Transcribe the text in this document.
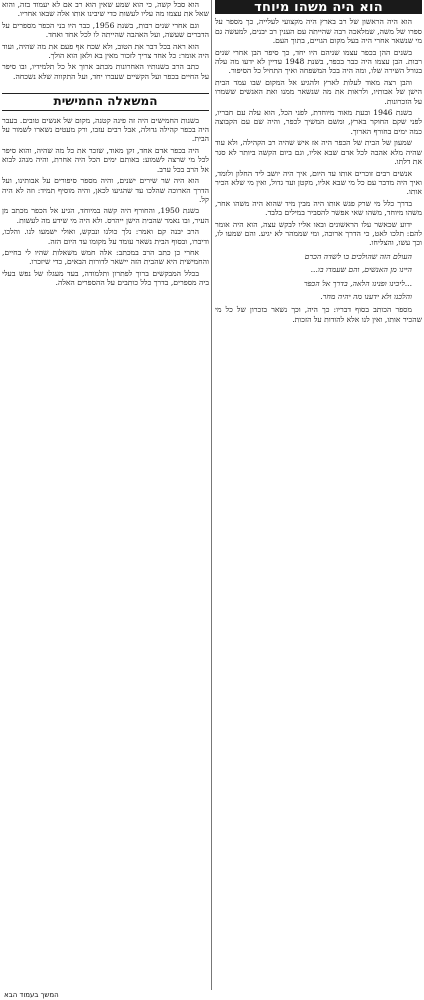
הוא היה משהו מיוחד

הוא היה הראשון של רב בארץ היה מקצועי לעלייה, כך מספר על ספרו של משה, שמלאכה רבה שהייתה עם הענין רב יבנים, למעשה גם מי שנשאר אחרי היה בעל מקום הגויים, בתוך העם.

בשנים ההן בכפר עצמו שניהם היו יחד, כך סיפר הבן אחרי שנים רבות. הבן עצמו היה כבר בכפר, בשנת 1948 עדיין לא ידעו מה עלה בגורל השירה שלו, ומה היה בכל המשפחה ואיך התחיל כל הסיפור.

והבן רצה מאוד לעלות לארץ ולהגיע אל המקום שבו עמד הבית הישן של אבותיו, ולראות את מה שנשאר ממנו ואת האנשים ששמרו על הזכרונות.

בשנת 1946 ובעת מאוד מיוחדת, לפני הכל, הוא עלה עם חבריו, לפני שקם החוקר בארץ, ומשם המשיך לכפר, והיה שם עם הקבוצה כמה ימים בחורף הארוך.

שמעון של הבית של הכפר היה אז איש שהיה רב הקהילה, ולא עוד שהיה מלא אהבה לכל אדם שבא אליו, וגם ביום הקשה ביותר לא סגר את דלתו.

אנשים רבים זוכרים אותו עד היום, איך היה יושב ליד החלון ולומד, ואיך היה מדבר עם כל מי שבא אליו, מקטן ועד גדול, ואין מי שלא הכיר אותו.

בדרך כלל מי שרק פגש אותו היה מבין מיד שהוא היה משהו אחר, משהו מיוחד, משהו שאי אפשר להסביר במילים בלבד.

ידוע שכאשר עלו הראשונים ובאו אליו לבקש עצה, הוא היה אומר להם: תלכו לאט, כי הדרך ארוכה, ומי שממהר לא יגיע. והם שמעו לו, וכך עשו, והצליחו.

העולם הזה שהולכים בו לשדה הכרם

היינו מן האנשים, והם שעמדו בו...

...ליבינו ופנינו הלאה, בדרך אל הכפר

והלכנו ולא ידענו מה יהיה מחר.

מספר הכותב בסוף דבריו: כך היה, וכך נשאר בזכרון של כל מי שהכיר אותו, ואין לנו אלא להודות על הזכות.

הוא סבל קשה, כי הוא שמע שאין הוא רב אם לא יעמוד בזה, והוא שאל את עצמו מה עליו לעשות כדי שיבינו אותו אלה שבאו אחריו.

וגם אחרי שנים רבות, בשנת 1956, כבר היו בני הכפר מספרים על הדברים שעשה, ועל האהבה שהייתה לו לכל אחד ואחד.

הוא ראה בכל דבר את הטוב, ולא שכח אף פעם את מה שהיה, ועוד היה אומר: כל אחד צריך לזכור מאין בא ולאן הוא הולך.

כתב הרב בשנותיו האחרונות מכתב ארוך אל כל תלמידיו, ובו סיפר על החיים בכפר ועל הקשיים שעברו יחד, ועל התקווה שלא נשכחה.

המשאלה החמישית

בשנות החמישים היה זה פינה קטנה, מקום של אנשים טובים. בעבר היה בכפר קהילה גדולה, אבל רבים עזבו, ורק מעטים נשארו לשמור על הבית.

היה בכפר אדם אחד, זקן מאוד, שזכר את כל מה שהיה, והוא סיפר לכל מי שרצה לשמוע: באותם ימים הכל היה אחרת, והיה מנהג לבוא אל הרב בכל ערב.

הוא היה שר שירים ישנים, והיה מספר סיפורים על אבותינו, ועל הדרך הארוכה שהלכו עד שהגיעו לכאן, והיה מוסיף תמיד: וזה לא היה קל.

בשנת 1950, והחורף היה קשה במיוחד, הגיע אל הכפר מכתב מן העיר, ובו נאמר שהבית הישן ייהרס. ולא היה מי שידע מה לעשות.

הרב יבנה קם ואמר: נלך כולנו ונבקש, ואולי ישמעו לנו. והלכו, ודיברו, ובסוף הבית נשאר עומד על מקומו עד היום הזה.

אחרי כן כתב הרב במכתב: אלה חמש משאלות שהיו לי בחיים, והחמישית היא שהבית הזה יישאר לדורות הבאים, כדי שיזכרו.

בכלל המבקשים ברוך לפתרון ותלמודה, בעד מעגלו של נפש בעלי ביה מספרים, בדרך כלל כותבים על ההספרים האלה.

המשך בעמוד הבא
